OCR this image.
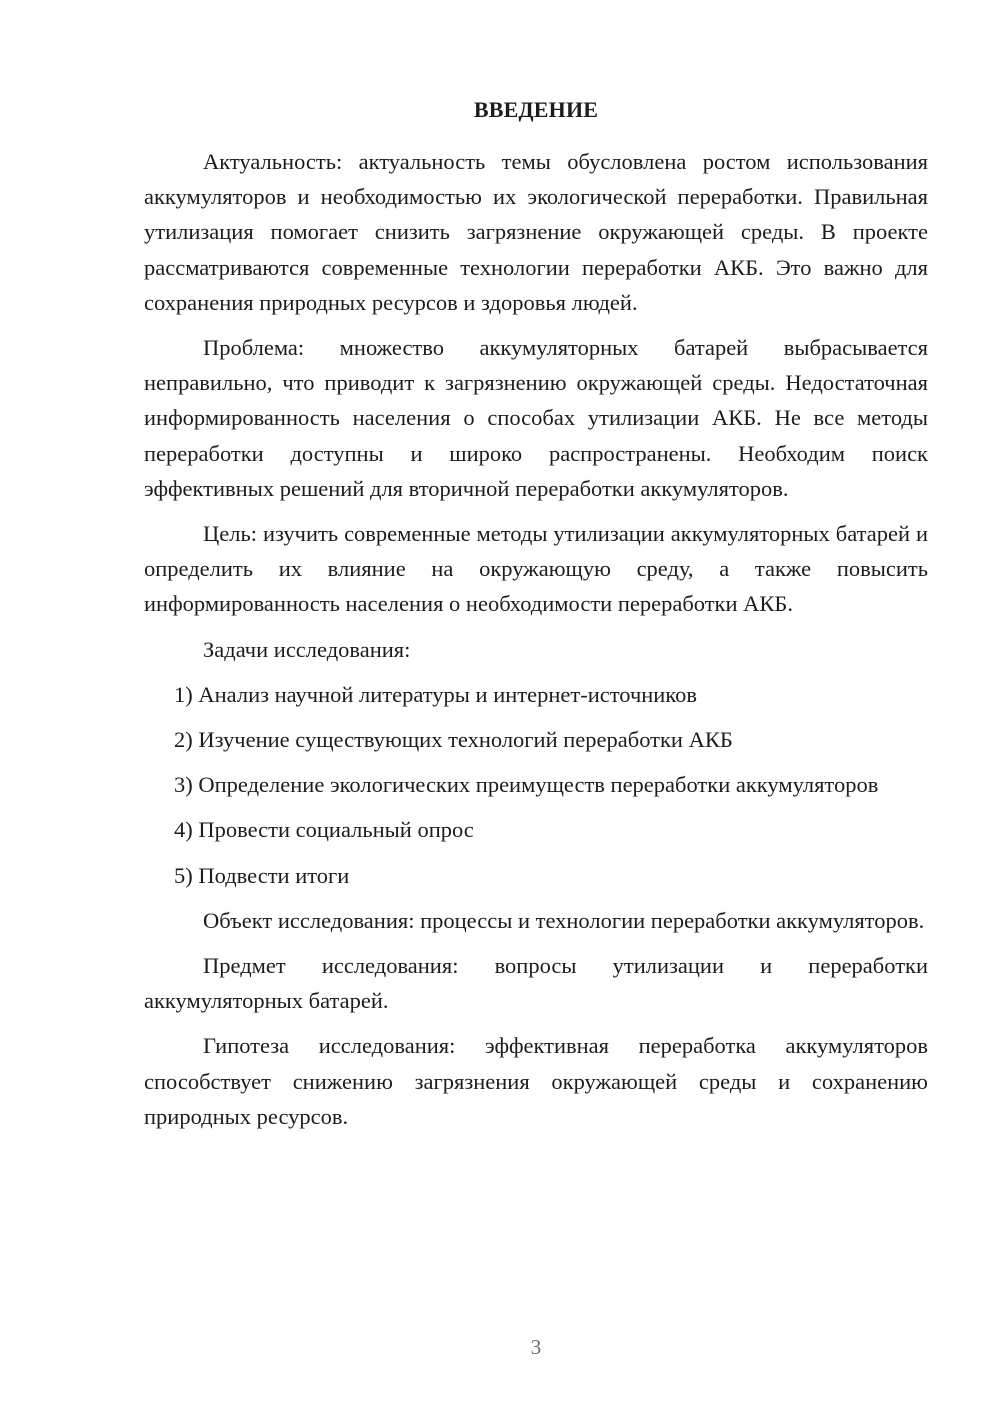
ВВЕДЕНИЕ

Актуальность: актуальность темы обусловлена ростом использования аккумуляторов и необходимостью их экологической переработки. Правильная утилизация помогает снизить загрязнение окружающей среды. В проекте рассматриваются современные технологии переработки АКБ. Это важно для сохранения природных ресурсов и здоровья людей.

Проблема: множество аккумуляторных батарей выбрасывается неправильно, что приводит к загрязнению окружающей среды. Недостаточная информированность населения о способах утилизации АКБ. Не все методы переработки доступны и широко распространены. Необходим поиск эффективных решений для вторичной переработки аккумуляторов.

Цель: изучить современные методы утилизации аккумуляторных батарей и определить их влияние на окружающую среду, а также повысить информированность населения о необходимости переработки АКБ.

Задачи исследования:

1) Анализ научной литературы и интернет-источников

2) Изучение существующих технологий переработки АКБ

3) Определение экологических преимуществ переработки аккумуляторов

4) Провести социальный опрос

5) Подвести итоги

Объект исследования: процессы и технологии переработки аккумуляторов.

Предмет исследования: вопросы утилизации и переработки аккумуляторных батарей.

Гипотеза исследования: эффективная переработка аккумуляторов способствует снижению загрязнения окружающей среды и сохранению природных ресурсов.

3
